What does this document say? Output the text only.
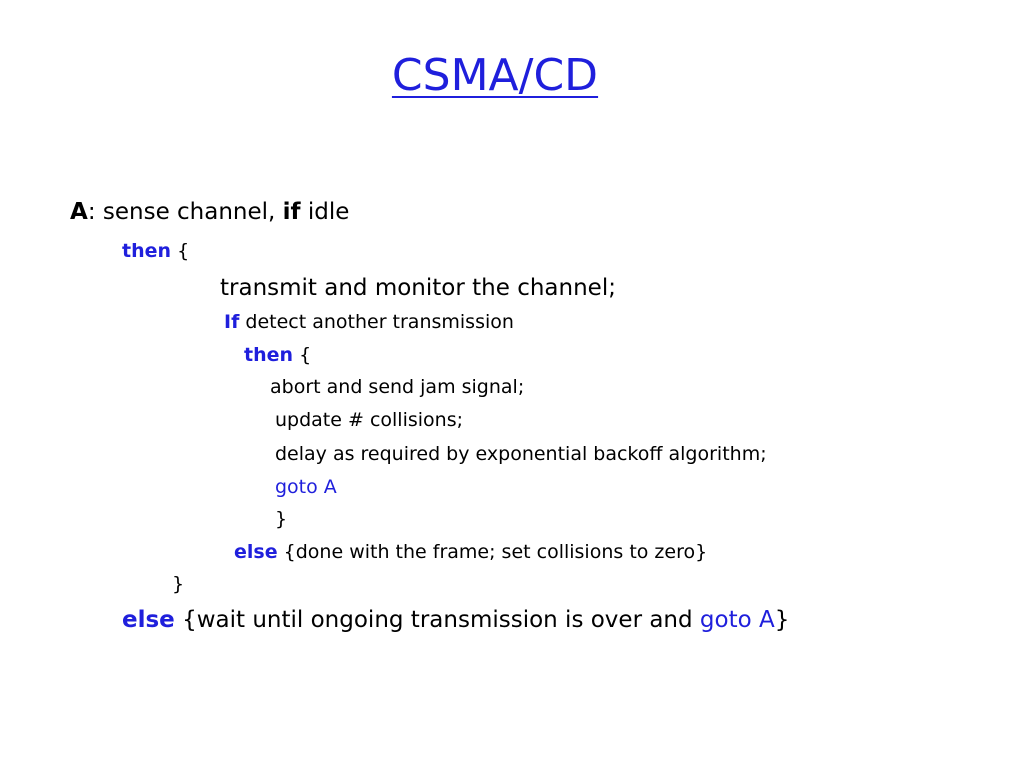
CSMA/CD
A: sense channel, if idle
then {
transmit and monitor the channel;
If detect another transmission
then {
abort and send jam signal;
update # collisions;
delay as required by exponential backoff algorithm;
goto A
}
else {done with the frame; set collisions to zero}
}
else {wait until ongoing transmission is over and goto A}
